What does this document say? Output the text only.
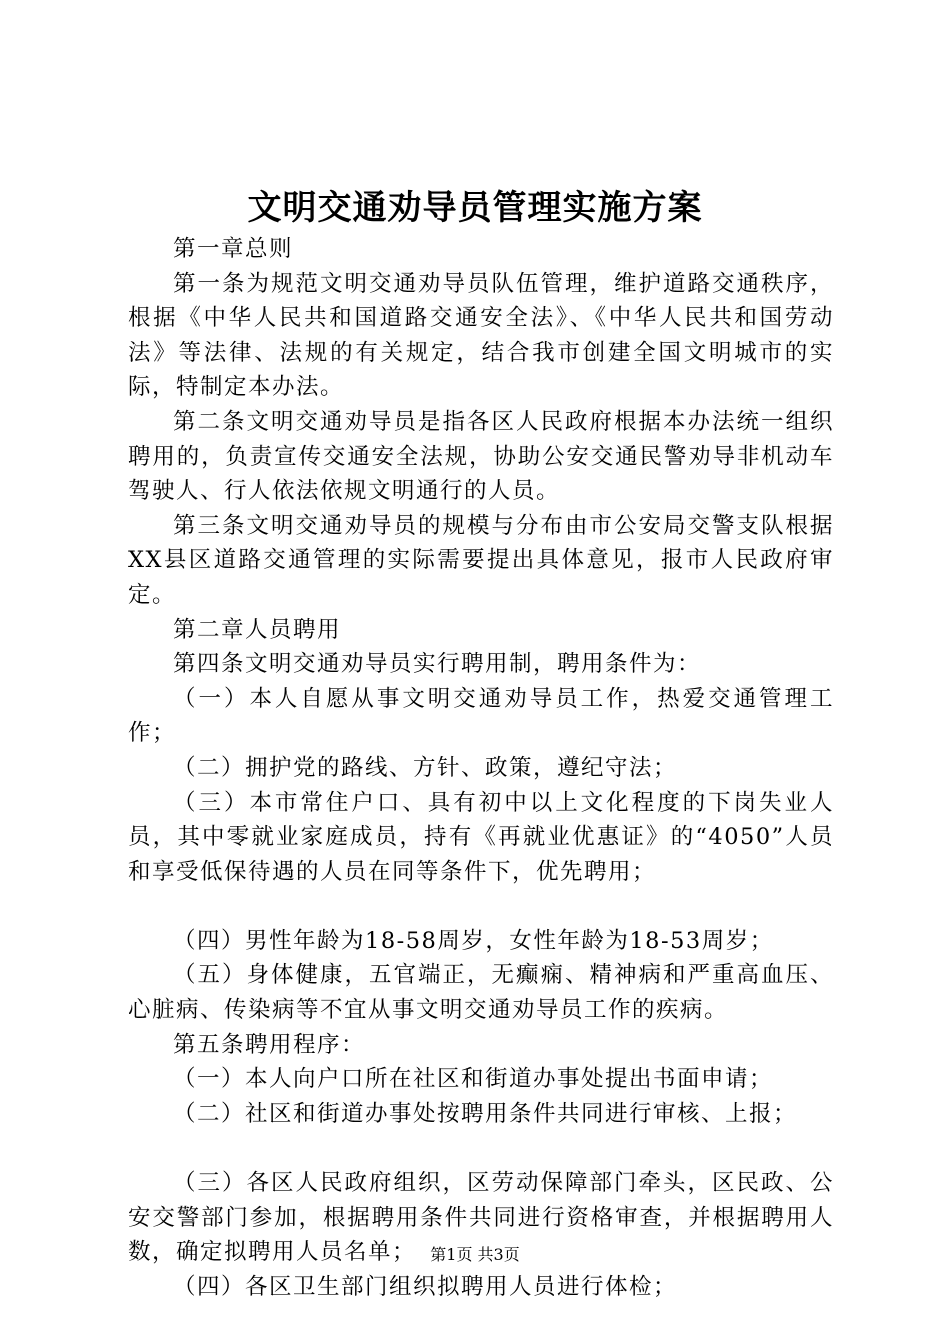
文明交通劝导员管理实施方案

第一章总则

第一条为规范文明交通劝导员队伍管理，维护道路交通秩序，根据《中华人民共和国道路交通安全法》、《中华人民共和国劳动法》等法律、法规的有关规定，结合我市创建全国文明城市的实际，特制定本办法。

第二条文明交通劝导员是指各区人民政府根据本办法统一组织聘用的，负责宣传交通安全法规，协助公安交通民警劝导非机动车驾驶人、行人依法依规文明通行的人员。

第三条文明交通劝导员的规模与分布由市公安局交警支队根据XX县区道路交通管理的实际需要提出具体意见，报市人民政府审定。

第二章人员聘用

第四条文明交通劝导员实行聘用制，聘用条件为：

（一）本人自愿从事文明交通劝导员工作，热爱交通管理工作；

（二）拥护党的路线、方针、政策，遵纪守法；

（三）本市常住户口、具有初中以上文化程度的下岗失业人员，其中零就业家庭成员，持有《再就业优惠证》的“4050”人员和享受低保待遇的人员在同等条件下，优先聘用；

（四）男性年龄为18-58周岁，女性年龄为18-53周岁；

（五）身体健康，五官端正，无癫痫、精神病和严重高血压、心脏病、传染病等不宜从事文明交通劝导员工作的疾病。

第五条聘用程序：

（一）本人向户口所在社区和街道办事处提出书面申请；

（二）社区和街道办事处按聘用条件共同进行审核、上报；

（三）各区人民政府组织，区劳动保障部门牵头，区民政、公安交警部门参加，根据聘用条件共同进行资格审查，并根据聘用人数，确定拟聘用人员名单；

（四）各区卫生部门组织拟聘用人员进行体检；

第1页 共3页
